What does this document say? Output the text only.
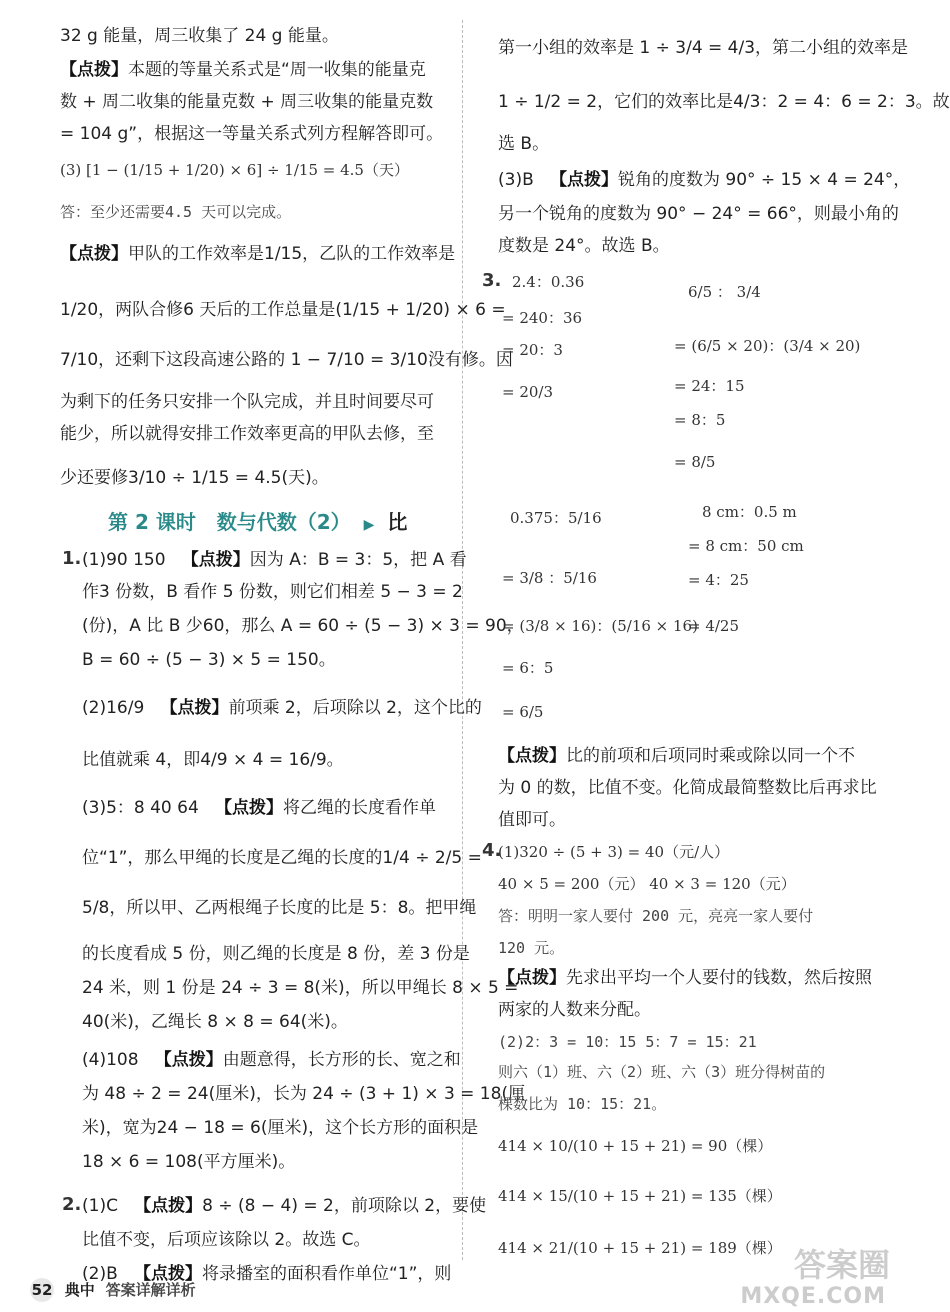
32 g 能量，周三收集了 24 g 能量。
【点拨】本题的等量关系式是“周一收集的能量克
数 + 周二收集的能量克数 + 周三收集的能量克数
= 104 g”，根据这一等量关系式列方程解答即可。
(3) [1 − (1/15 + 1/20) × 6] ÷ 1/15 = 4.5（天）
答：至少还需要4.5 天可以完成。
【点拨】甲队的工作效率是1/15，乙队的工作效率是
1/20，两队合修6 天后的工作总量是(1/15 + 1/20) × 6 =
7/10，还剩下这段高速公路的 1 − 7/10 = 3/10没有修。因
为剩下的任务只安排一个队完成，并且时间要尽可
能少，所以就得安排工作效率更高的甲队去修，至
少还要修3/10 ÷ 1/15 = 4.5(天)。
第 2 课时 数与代数（2） ▶ 比
1. (1)90 150 【点拨】因为 A：B = 3：5，把 A 看
作3 份数，B 看作 5 份数，则它们相差 5 − 3 = 2
(份)，A 比 B 少60，那么 A = 60 ÷ (5 − 3) × 3 = 90，
B = 60 ÷ (5 − 3) × 5 = 150。
(2)16/9 【点拨】前项乘 2，后项除以 2，这个比的
比值就乘 4，即4/9 × 4 = 16/9。
(3)5：8 40 64 【点拨】将乙绳的长度看作单
位“1”，那么甲绳的长度是乙绳的长度的1/4 ÷ 2/5 =
5/8，所以甲、乙两根绳子长度的比是 5：8。把甲绳
的长度看成 5 份，则乙绳的长度是 8 份，差 3 份是
24 米，则 1 份是 24 ÷ 3 = 8(米)，所以甲绳长 8 × 5 =
40(米)，乙绳长 8 × 8 = 64(米)。
(4)108 【点拨】由题意得，长方形的长、宽之和
为 48 ÷ 2 = 24(厘米)，长为 24 ÷ (3 + 1) × 3 = 18(厘
米)，宽为24 − 18 = 6(厘米)，这个长方形的面积是
18 × 6 = 108(平方厘米)。
(1)C 【点拨】8 ÷ (8 − 4) = 2，前项除以 2，要使
比值不变，后项应该除以 2。故选 C。
(2)B 【点拨】将录播室的面积看作单位“1”，则
2.
第一小组的效率是 1 ÷ 3/4 = 4/3，第二小组的效率是
1 ÷ 1/2 = 2，它们的效率比是4/3：2 = 4：6 = 2：3。故
选 B。
(3)B 【点拨】锐角的度数为 90° ÷ 15 × 4 = 24°，
另一个锐角的度数为 90° − 24° = 66°，则最小角的
度数是 24°。故选 B。
2.4：0.36
= 240：36
= 20：3
= 20/3
6/5 ： 3/4
= (6/5 × 20)：(3/4 × 20)
= 24：15
= 8：5
= 8/5
0.375：5/16
= 3/8 ：5/16
= (3/8 × 16)：(5/16 × 16)
= 6：5
= 6/5
8 cm：0.5 m
= 8 cm：50 cm
= 4：25
= 4/25
【点拨】比的前项和后项同时乘或除以同一个不
为 0 的数，比值不变。化简成最简整数比后再求比
值即可。
(1)320 ÷ (5 + 3) = 40（元/人）
40 × 5 = 200（元） 40 × 3 = 120（元）
答：明明一家人要付 200 元，亮亮一家人要付
120 元。
【点拨】先求出平均一个人要付的钱数，然后按照
两家的人数来分配。
(2)2：3 = 10：15 5：7 = 15：21
则六（1）班、六（2）班、六（3）班分得树苗的
棵数比为 10：15：21。
414 × 10/(10 + 15 + 21) = 90（棵）
414 × 15/(10 + 15 + 21) = 135（棵）
414 × 21/(10 + 15 + 21) = 189（棵）
3.
4.
52 典中 答案详解详析
答案圈
MXQE.COM
